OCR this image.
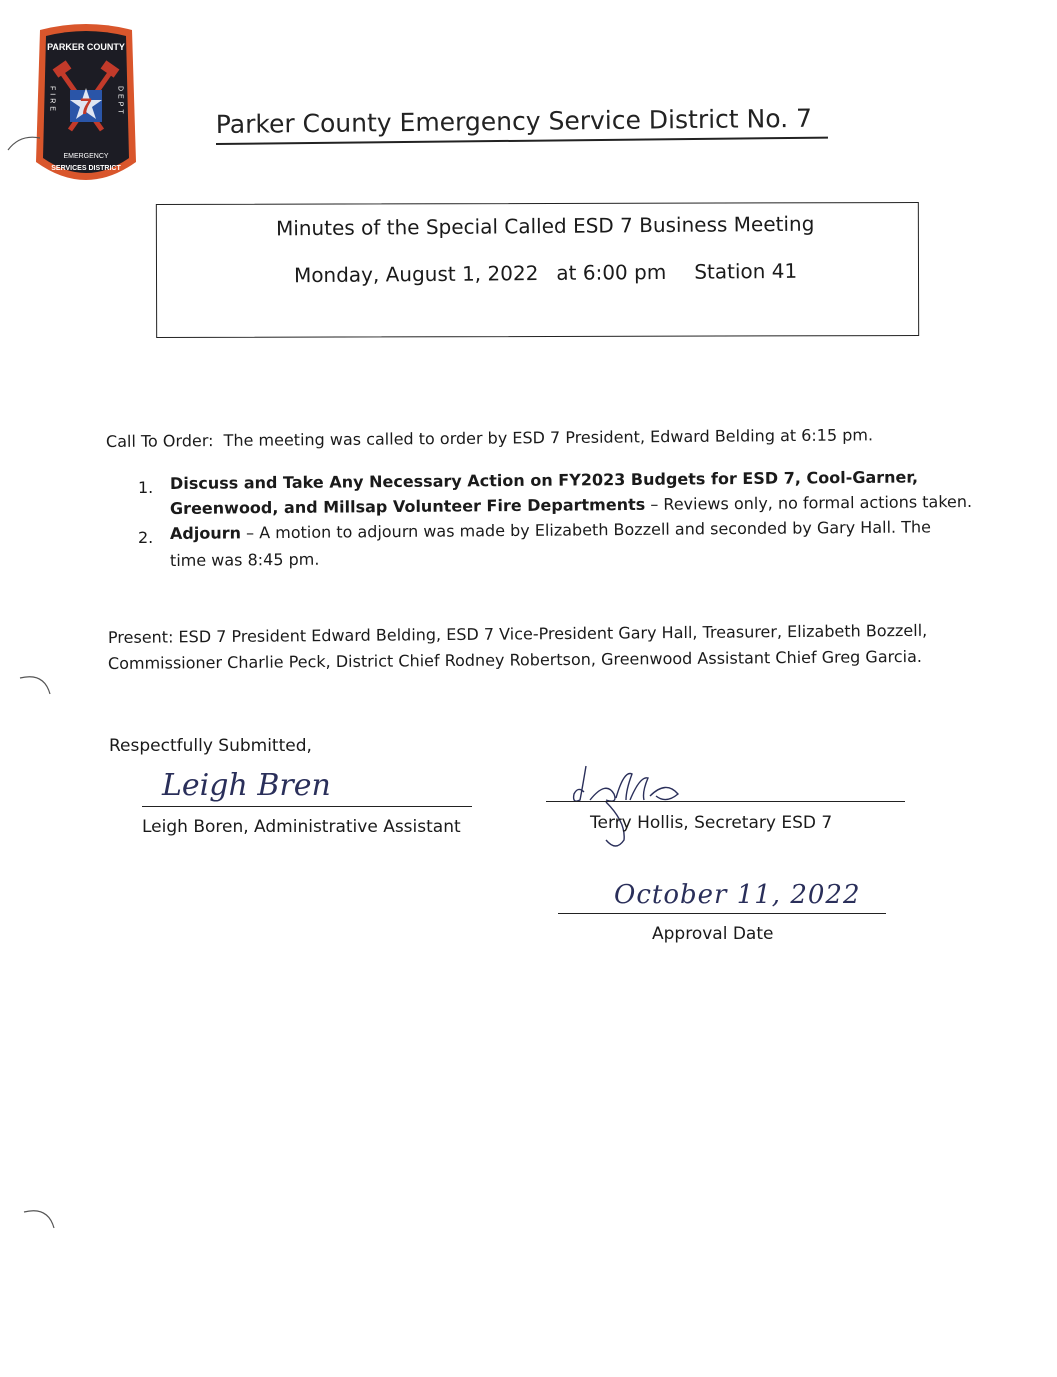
PARKER COUNTY
7
FIRE	DEPT
EMERGENCY
SERVICES DISTRICT
Parker County Emergency Service District No. 7
Minutes of the Special Called ESD 7 Business Meeting
Monday, August 1, 2022 at 6:00 pm Station 41
Call To Order: The meeting was called to order by ESD 7 President, Edward Belding at 6:15 pm.
1. Discuss and Take Any Necessary Action on FY2023 Budgets for ESD 7, Cool-Garner,
Greenwood, and Millsap Volunteer Fire Departments – Reviews only, no formal actions taken.
2. Adjourn – A motion to adjourn was made by Elizabeth Bozzell and seconded by Gary Hall. The
time was 8:45 pm.
Present: ESD 7 President Edward Belding, ESD 7 Vice-President Gary Hall, Treasurer, Elizabeth Bozzell,
Commissioner Charlie Peck, District Chief Rodney Robertson, Greenwood Assistant Chief Greg Garcia.
Respectfully Submitted,
Leigh Bren
Leigh Boren, Administrative Assistant	Terry Hollis, Secretary ESD 7
October 11, 2022
Approval Date
